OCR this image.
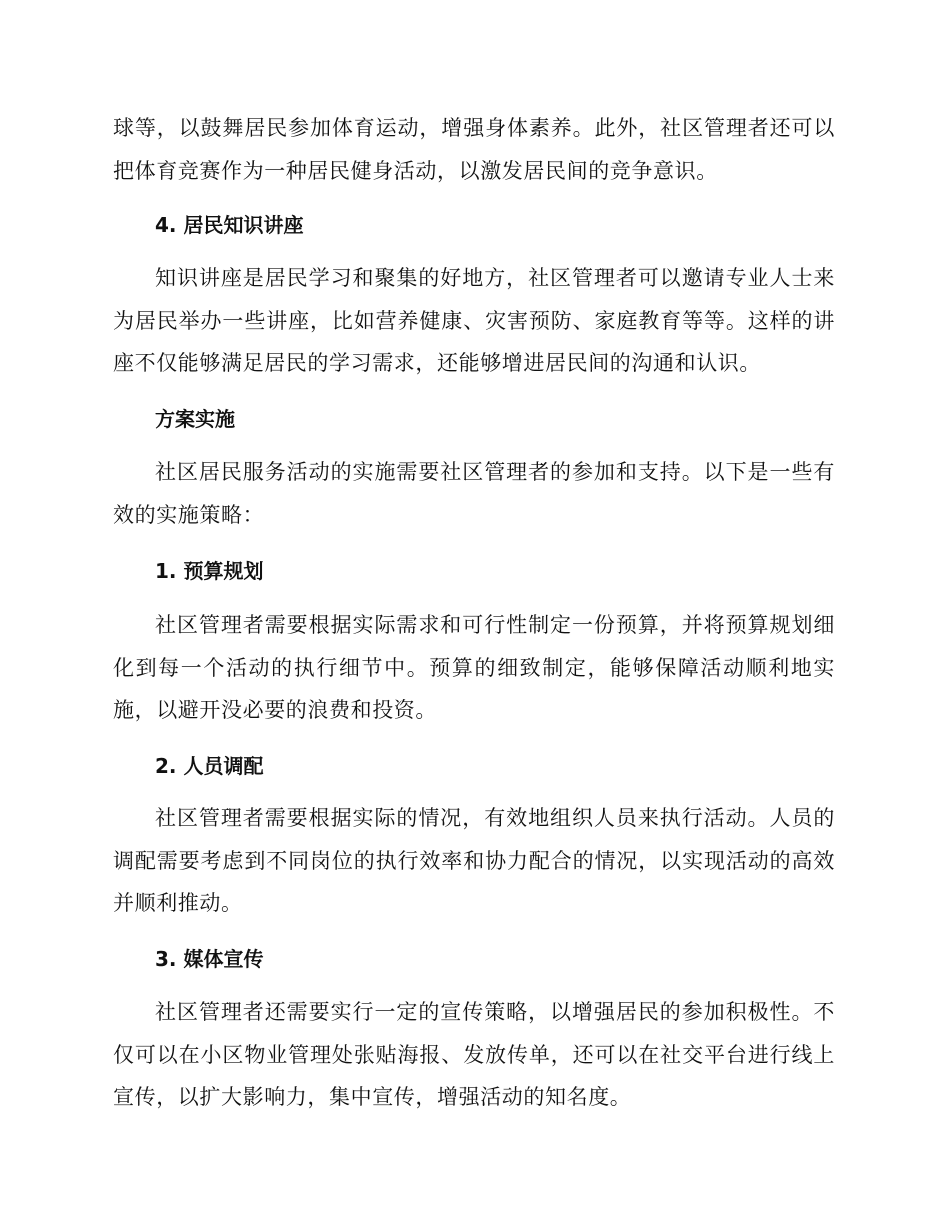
球等，以鼓舞居民参加体育运动，增强身体素养。此外，社区管理者还可以把体育竞赛作为一种居民健身活动，以激发居民间的竞争意识。

4. 居民知识讲座

知识讲座是居民学习和聚集的好地方，社区管理者可以邀请专业人士来为居民举办一些讲座，比如营养健康、灾害预防、家庭教育等等。这样的讲座不仅能够满足居民的学习需求，还能够增进居民间的沟通和认识。

方案实施

社区居民服务活动的实施需要社区管理者的参加和支持。以下是一些有效的实施策略：

1. 预算规划

社区管理者需要根据实际需求和可行性制定一份预算，并将预算规划细化到每一个活动的执行细节中。预算的细致制定，能够保障活动顺利地实施，以避开没必要的浪费和投资。

2. 人员调配

社区管理者需要根据实际的情况，有效地组织人员来执行活动。人员的调配需要考虑到不同岗位的执行效率和协力配合的情况，以实现活动的高效并顺利推动。

3. 媒体宣传

社区管理者还需要实行一定的宣传策略，以增强居民的参加积极性。不仅可以在小区物业管理处张贴海报、发放传单，还可以在社交平台进行线上宣传，以扩大影响力，集中宣传，增强活动的知名度。
